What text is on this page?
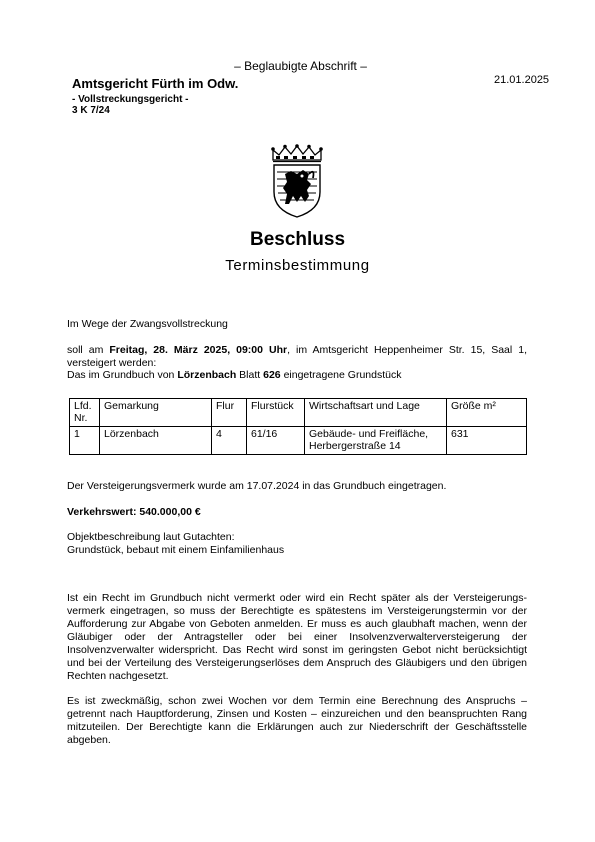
– Beglaubigte Abschrift –
Amtsgericht Fürth im Odw.
- Vollstreckungsgericht -
3 K 7/24
21.01.2025
Beschluss
Terminsbestimmung
Im Wege der Zwangsvollstreckung
soll am Freitag, 28. März 2025, 09:00 Uhr, im Amtsgericht Heppenheimer Str. 15, Saal 1, versteigert werden:
Das im Grundbuch von Lörzenbach Blatt 626 eingetragene Grundstück
Lfd. Nr.	Gemarkung	Flur	Flurstück	Wirtschaftsart und Lage	Größe m²
1	Lörzenbach	4	61/16	Gebäude- und Freifläche, Herbergerstraße 14	631
Der Versteigerungsvermerk wurde am 17.07.2024 in das Grundbuch eingetragen.
Verkehrswert: 540.000,00 €
Objektbeschreibung laut Gutachten:
Grundstück, bebaut mit einem Einfamilienhaus
Ist ein Recht im Grundbuch nicht vermerkt oder wird ein Recht später als der Versteigerungs-vermerk eingetragen, so muss der Berechtigte es spätestens im Versteigerungstermin vor der Aufforderung zur Abgabe von Geboten anmelden. Er muss es auch glaubhaft machen, wenn der Gläubiger oder der Antragsteller oder bei einer Insolvenzverwalterversteigerung der Insolvenzverwalter widerspricht. Das Recht wird sonst im geringsten Gebot nicht berücksichtigt und bei der Verteilung des Versteigerungserlöses dem Anspruch des Gläubigers und den übrigen Rechten nachgesetzt.
Es ist zweckmäßig, schon zwei Wochen vor dem Termin eine Berechnung des Anspruchs – getrennt nach Hauptforderung, Zinsen und Kosten – einzureichen und den beanspruchten Rang mitzuteilen. Der Berechtigte kann die Erklärungen auch zur Niederschrift der Geschäftsstelle abgeben.
